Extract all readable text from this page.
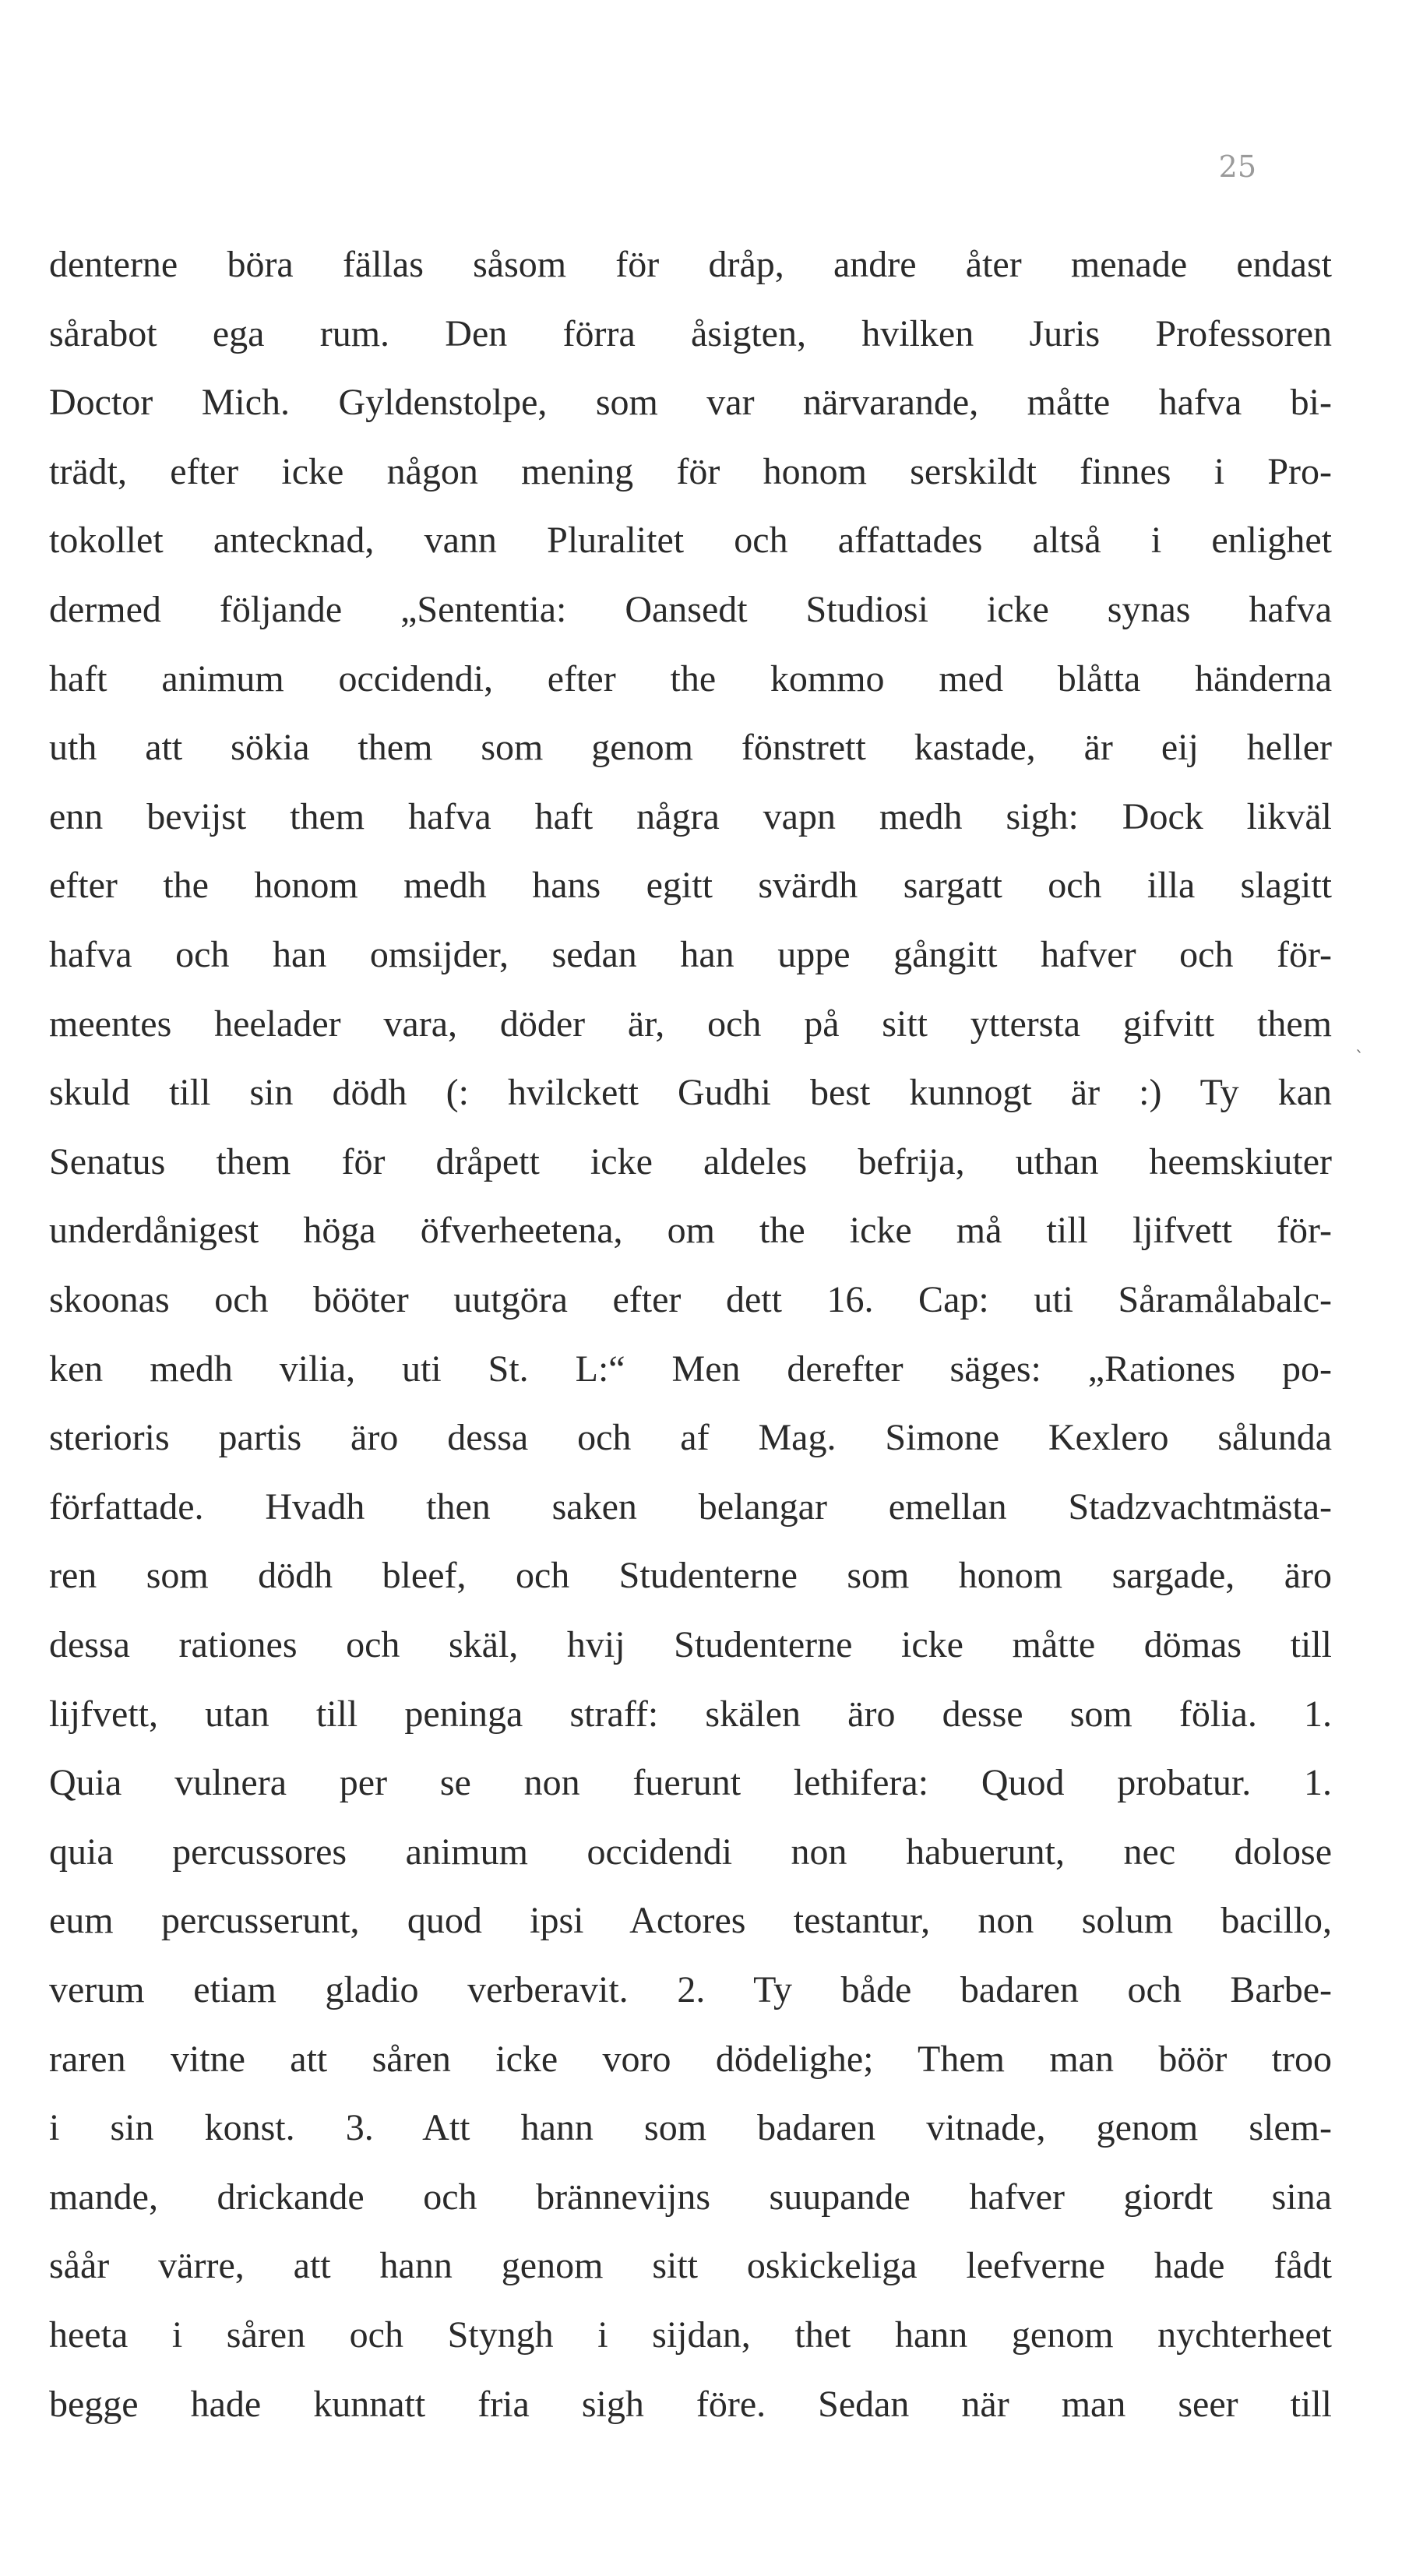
25
ˎ
denterne böra fällas såsom för dråp, andre åter menade endast
sårabot ega rum. Den förra åsigten, hvilken Juris Professoren
Doctor Mich. Gyldenstolpe, som var närvarande, måtte hafva bi-
trädt, efter icke någon mening för honom serskildt finnes i Pro-
tokollet antecknad, vann Pluralitet och affattades altså i enlighet
dermed följande „Sententia: Oansedt Studiosi icke synas hafva
haft animum occidendi, efter the kommo med blåtta händerna
uth att sökia them som genom fönstrett kastade, är eij heller
enn bevijst them hafva haft några vapn medh sigh: Dock likväl
efter the honom medh hans egitt svärdh sargatt och illa slagitt
hafva och han omsijder, sedan han uppe gångitt hafver och för-
meentes heelader vara, döder är, och på sitt yttersta gifvitt them
skuld till sin dödh (: hvilckett Gudhi best kunnogt är :) Ty kan
Senatus them för dråpett icke aldeles befrija, uthan heemskiuter
underdånigest höga öfverheetena, om the icke må till ljifvett för-
skoonas och bööter uutgöra efter dett 16. Cap: uti Såramålabalc-
ken medh vilia, uti St. L:“ Men derefter säges: „Rationes po-
sterioris partis äro dessa och af Mag. Simone Kexlero sålunda
författade. Hvadh then saken belangar emellan Stadzvachtmästa-
ren som dödh bleef, och Studenterne som honom sargade, äro
dessa rationes och skäl, hvij Studenterne icke måtte dömas till
lijfvett, utan till peninga straff: skälen äro desse som fölia. 1.
Quia vulnera per se non fuerunt lethifera: Quod probatur. 1.
quia percussores animum occidendi non habuerunt, nec dolose
eum percusserunt, quod ipsi Actores testantur, non solum bacillo,
verum etiam gladio verberavit. 2. Ty både badaren och Barbe-
raren vitne att såren icke voro dödelighe; Them man böör troo
i sin konst. 3. Att hann som badaren vitnade, genom slem-
mande, drickande och brännevijns suupande hafver giordt sina
såår värre, att hann genom sitt oskickeliga leefverne hade fådt
heeta i såren och Styngh i sijdan, thet hann genom nychterheet
begge hade kunnatt fria sigh före. Sedan när man seer till
